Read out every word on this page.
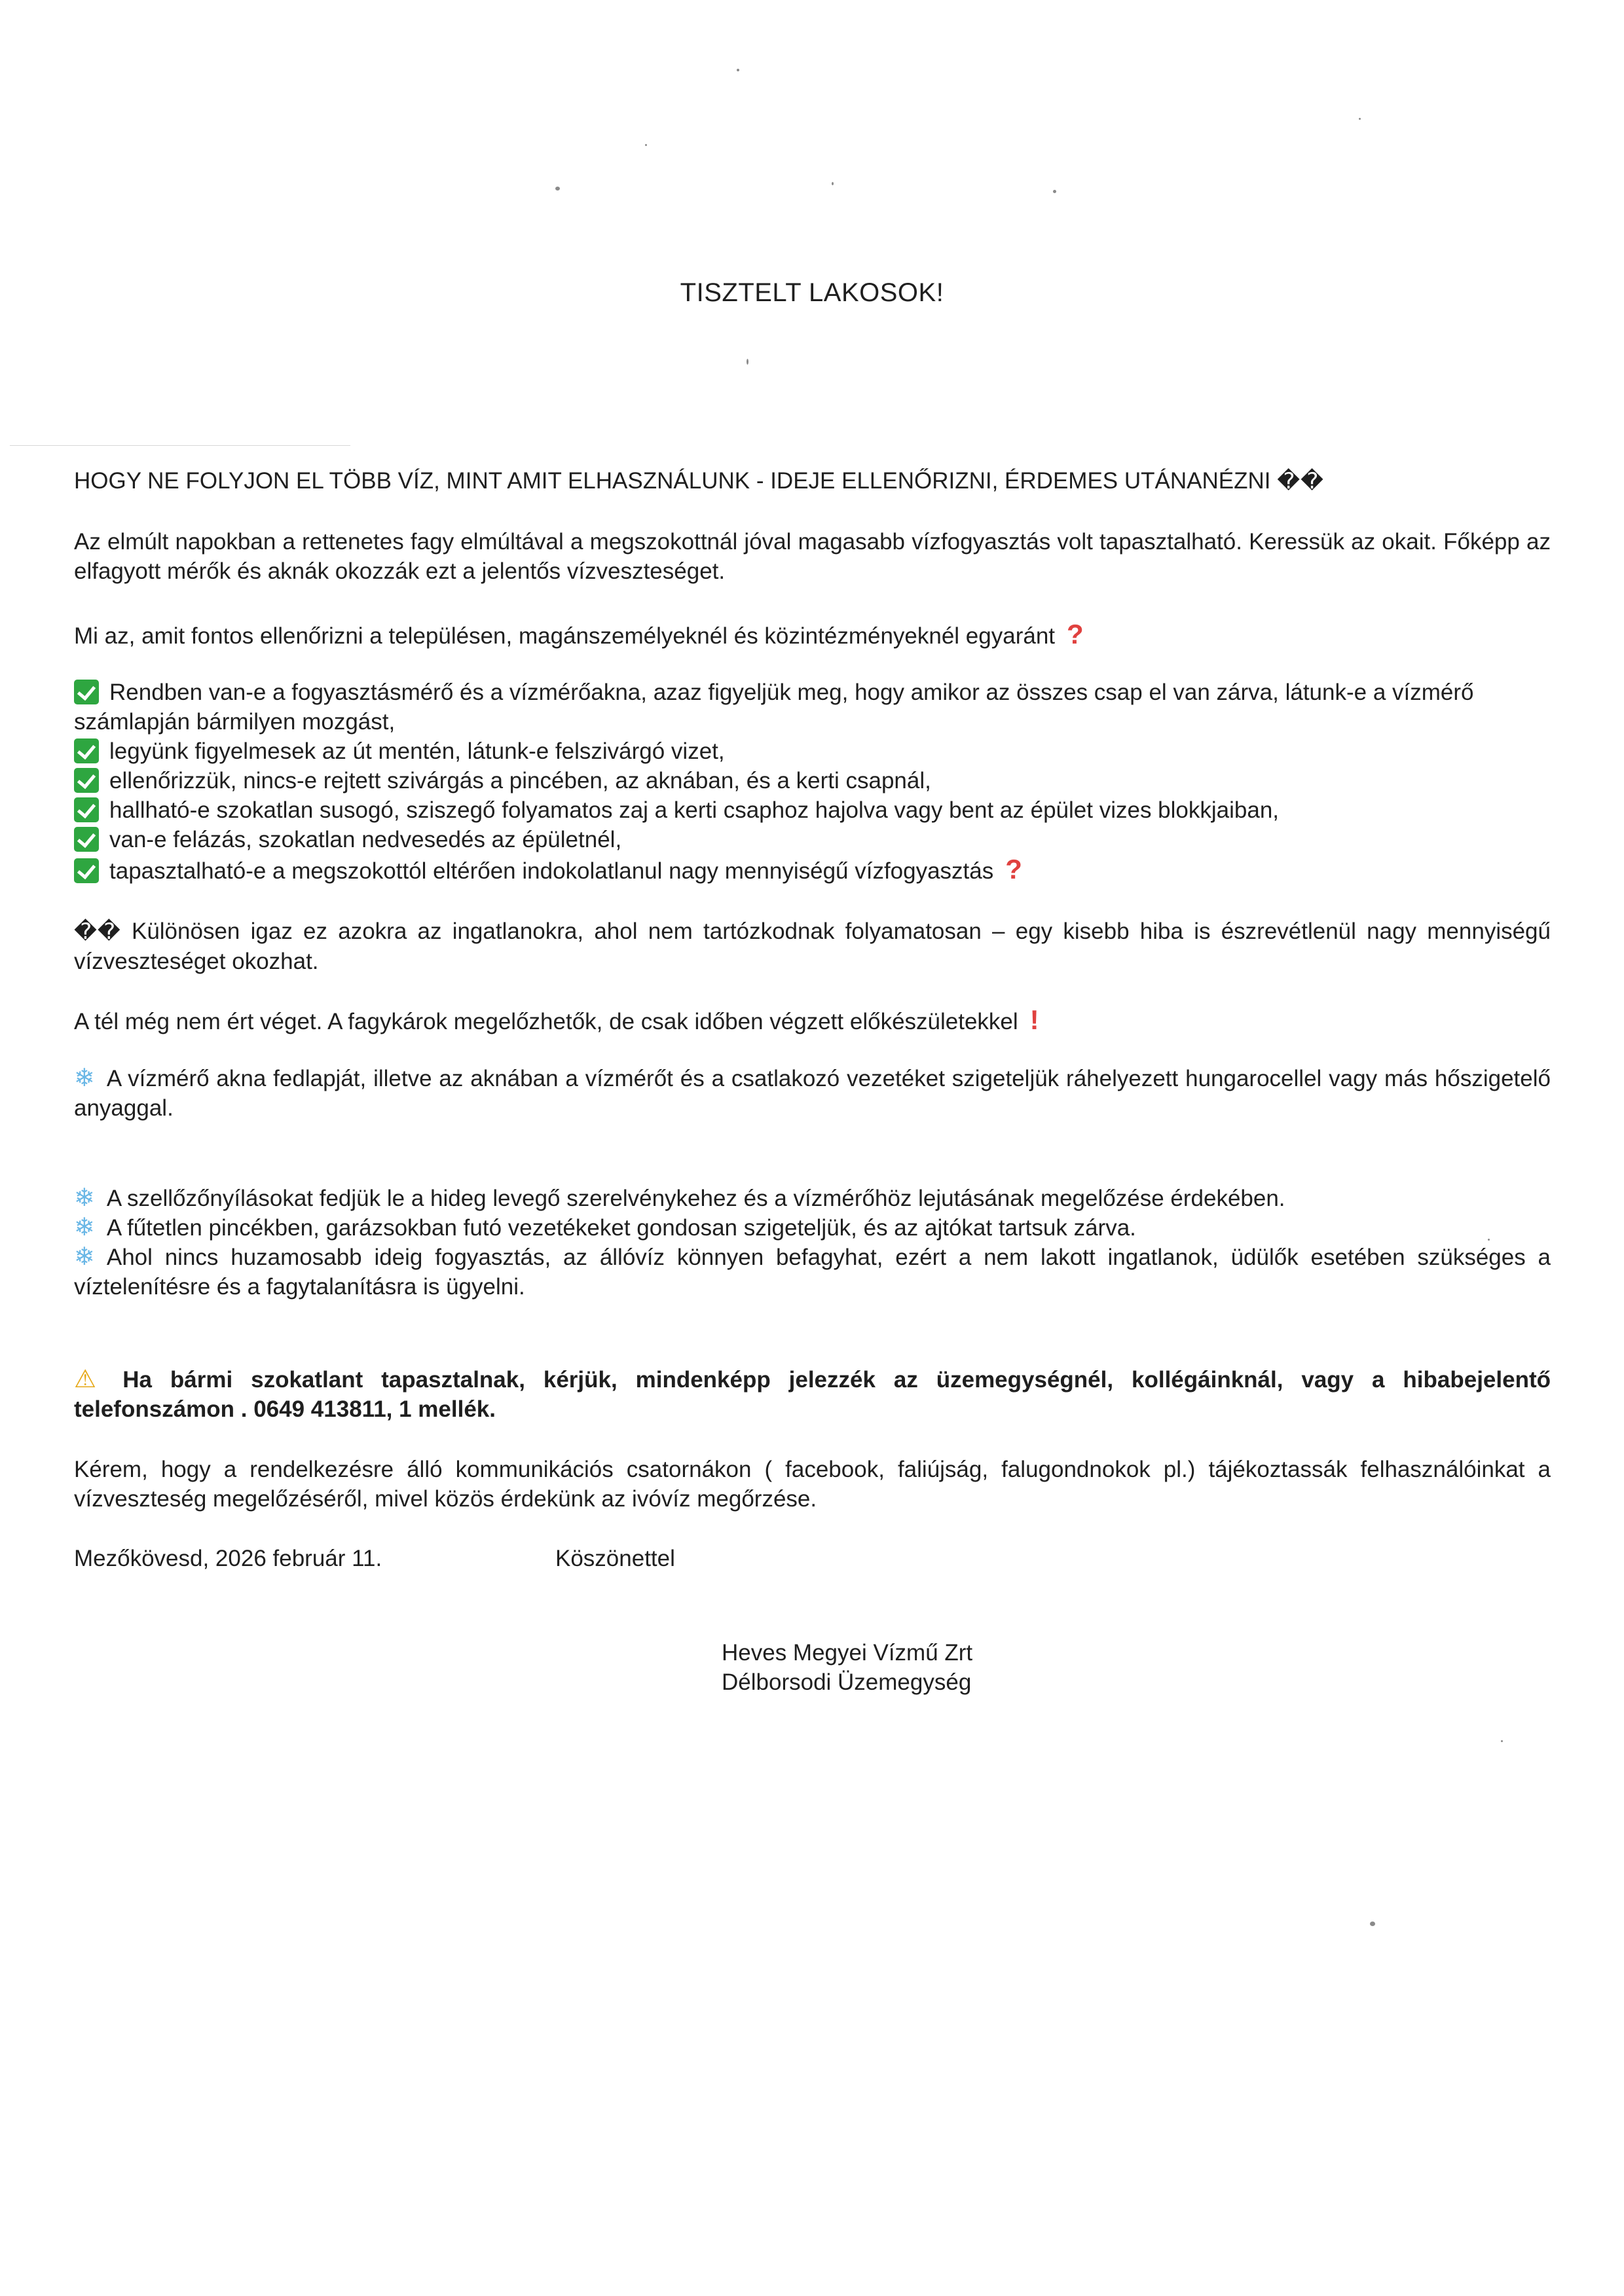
TISZTELT LAKOSOK!
HOGY NE FOLYJON EL TÖBB VÍZ, MINT AMIT ELHASZNÁLUNK - IDEJE ELLENŐRIZNI, ÉRDEMES UTÁNANÉZNI ��
Az elmúlt napokban a rettenetes fagy elmúltával a megszokottnál jóval magasabb vízfogyasztás volt tapasztalható. Keressük az okait. Főképp az elfagyott mérők és aknák okozzák ezt a jelentős vízveszteséget.
Mi az, amit fontos ellenőrizni a településen, magánszemélyeknél és közintézményeknél egyaránt ?
Rendben van-e a fogyasztásmérő és a vízmérőakna, azaz figyeljük meg, hogy amikor az összes csap el van zárva, látunk-e a vízmérő számlapján bármilyen mozgást,
legyünk figyelmesek az út mentén, látunk-e felszivárgó vizet,
ellenőrizzük, nincs-e rejtett szivárgás a pincében, az aknában, és a kerti csapnál,
hallható-e szokatlan susogó, sziszegő folyamatos zaj a kerti csaphoz hajolva vagy bent az épület vizes blokkjaiban,
van-e felázás, szokatlan nedvesedés az épületnél,
tapasztalható-e a megszokottól eltérően indokolatlanul nagy mennyiségű vízfogyasztás ?
�� Különösen igaz ez azokra az ingatlanokra, ahol nem tartózkodnak folyamatosan – egy kisebb hiba is észrevétlenül nagy mennyiségű vízveszteséget okozhat.
A tél még nem ért véget. A fagykárok megelőzhetők, de csak időben végzett előkészületekkel !
❄ A vízmérő akna fedlapját, illetve az aknában a vízmérőt és a csatlakozó vezetéket szigeteljük ráhelyezett hungarocellel vagy más hőszigetelő anyaggal.
❄ A szellőzőnyílásokat fedjük le a hideg levegő szerelvénykehez és a vízmérőhöz lejutásának megelőzése érdekében.
❄ A fűtetlen pincékben, garázsokban futó vezetékeket gondosan szigeteljük, és az ajtókat tartsuk zárva.
❄ Ahol nincs huzamosabb ideig fogyasztás, az állóvíz könnyen befagyhat, ezért a nem lakott ingatlanok, üdülők esetében szükséges a víztelenítésre és a fagytalanításra is ügyelni.
⚠ Ha bármi szokatlant tapasztalnak, kérjük, mindenképp jelezzék az üzemegységnél, kollégáinknál, vagy a hibabejelentő telefonszámon . 0649 413811, 1 mellék.
Kérem, hogy a rendelkezésre álló kommunikációs csatornákon ( facebook, faliújság, falugondnokok pl.) tájékoztassák felhasználóinkat a vízveszteség megelőzéséről, mivel közös érdekünk az ivóvíz megőrzése.
Mezőkövesd, 2026 február 11.	Köszönettel
Heves Megyei Vízmű Zrt
Délborsodi Üzemegység
